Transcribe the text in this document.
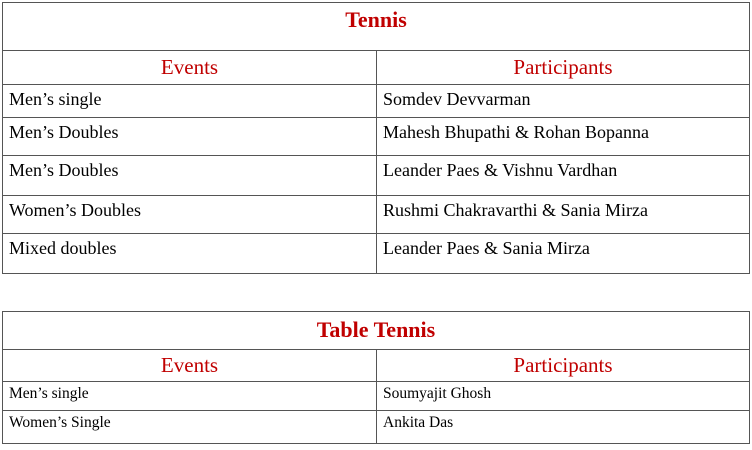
Tennis	
Events	Participants
Men’s single	Somdev Devvarman
Men’s Doubles	Mahesh Bhupathi & Rohan Bopanna
Men’s Doubles	Leander Paes & Vishnu Vardhan
Women’s Doubles	Rushmi Chakravarthi & Sania Mirza
Mixed doubles	Leander Paes & Sania Mirza
Table Tennis	
Events	Participants
Men’s single	Soumyajit Ghosh
Women’s Single	Ankita Das
